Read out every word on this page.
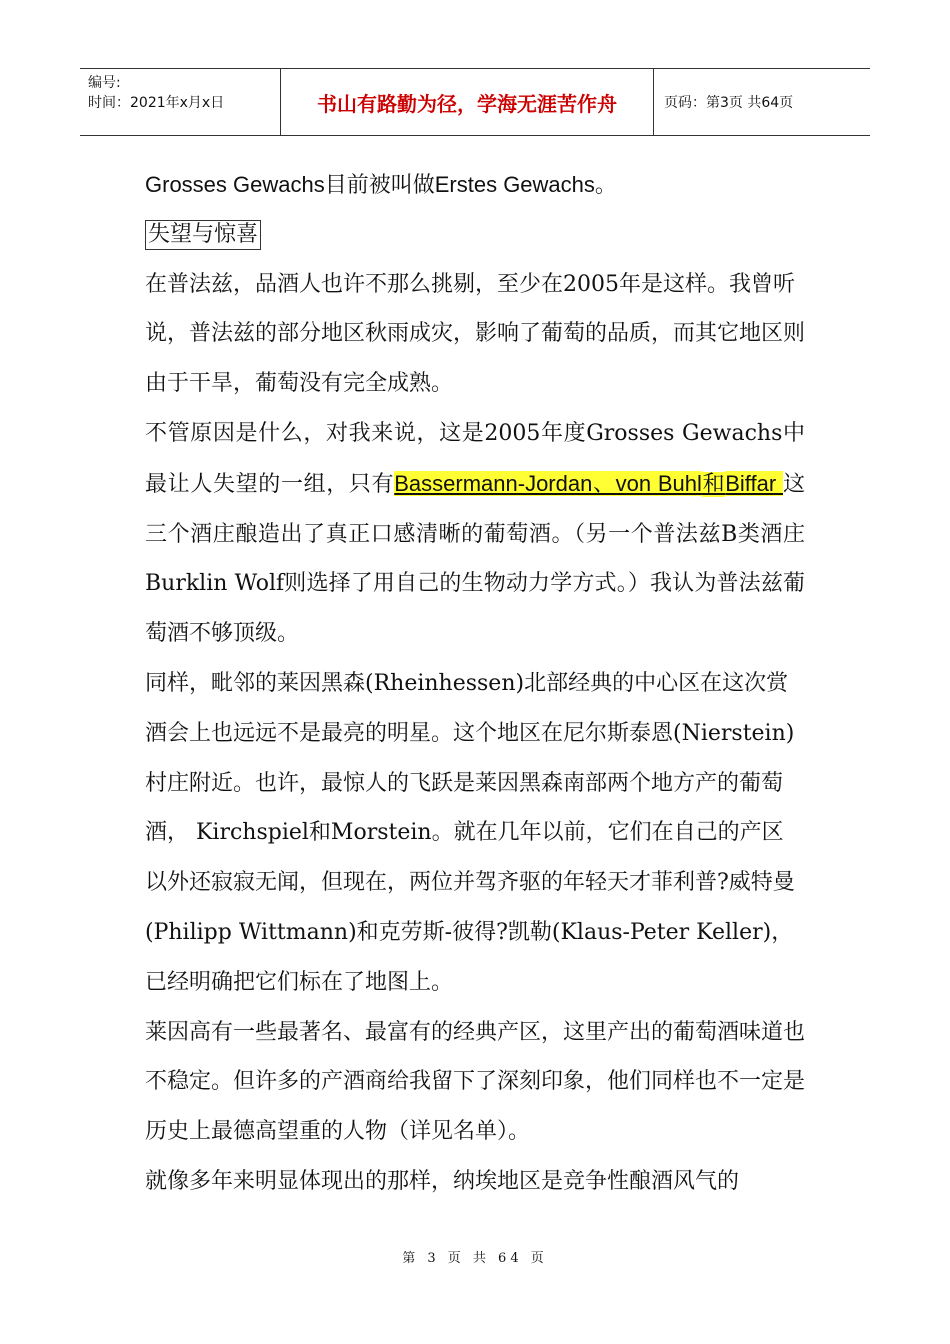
编号:
时间：2021年x月x日	书山有路勤为径，学海无涯苦作舟	页码：第3页 共64页

Grosses Gewachs目前被叫做Erstes Gewachs。

失望与惊喜

在普法兹，品酒人也许不那么挑剔，至少在2005年是这样。我曾听说，普法兹的部分地区秋雨成灾，影响了葡萄的品质，而其它地区则由于干旱，葡萄没有完全成熟。

不管原因是什么，对我来说，这是2005年度Grosses Gewachs中最让人失望的一组，只有Bassermann-Jordan、von Buhl和Biffar 这三个酒庄酿造出了真正口感清晰的葡萄酒。（另一个普法兹B类酒庄Burklin Wolf则选择了用自己的生物动力学方式。）我认为普法兹葡萄酒不够顶级。

同样，毗邻的莱因黑森(Rheinhessen)北部经典的中心区在这次赏酒会上也远远不是最亮的明星。这个地区在尼尔斯泰恩(Nierstein)村庄附近。也许，最惊人的飞跃是莱因黑森南部两个地方产的葡萄酒， Kirchspiel和Morstein。就在几年以前，它们在自己的产区以外还寂寂无闻，但现在，两位并驾齐驱的年轻天才菲利普?威特曼 (Philipp Wittmann)和克劳斯-彼得?凯勒(Klaus-Peter Keller)，已经明确把它们标在了地图上。

莱因高有一些最著名、最富有的经典产区，这里产出的葡萄酒味道也不稳定。但许多的产酒商给我留下了深刻印象，他们同样也不一定是历史上最德高望重的人物（详见名单）。

就像多年来明显体现出的那样，纳埃地区是竞争性酿酒风气的

第 3 页 共 64 页
